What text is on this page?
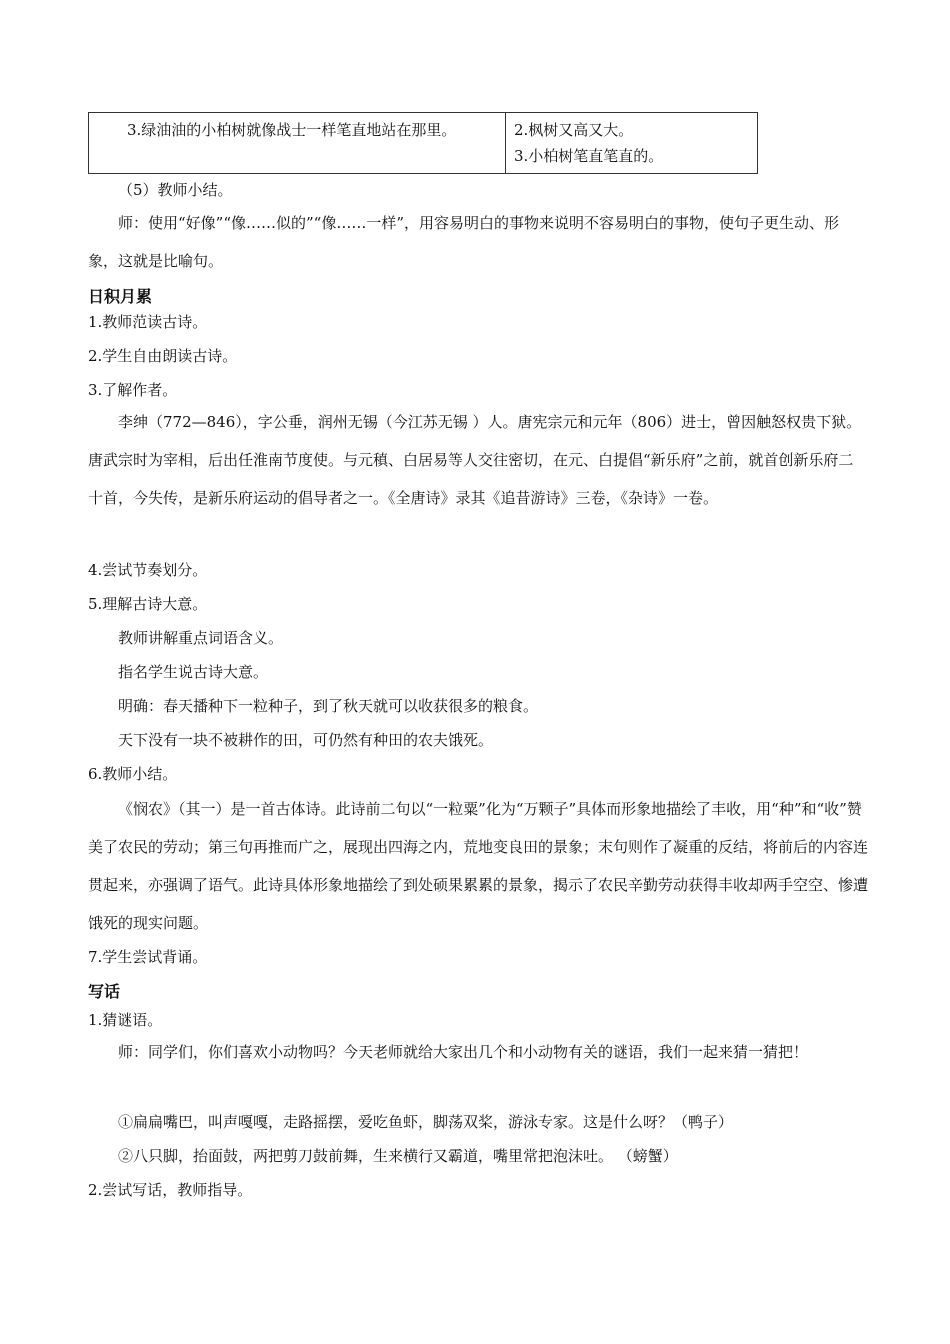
3.绿油油的小柏树就像战士一样笔直地站在那里。	2.枫树又高又大。
3.小柏树笔直笔直的。
（5）教师小结。
师：使用“好像”“像……似的”“像……一样”，用容易明白的事物来说明不容易明白的事物，使句子更生动、形象，这就是比喻句。
日积月累
1.教师范读古诗。
2.学生自由朗读古诗。
3.了解作者。
李绅（772—846），字公垂，润州无锡（今江苏无锡 ）人。唐宪宗元和元年（806）进士，曾因触怒权贵下狱。唐武宗时为宰相，后出任淮南节度使。与元稹、白居易等人交往密切，在元、白提倡“新乐府”之前，就首创新乐府二十首，今失传，是新乐府运动的倡导者之一。《全唐诗》录其《追昔游诗》三卷，《杂诗》一卷。
4.尝试节奏划分。
5.理解古诗大意。
教师讲解重点词语含义。
指名学生说古诗大意。
明确：春天播种下一粒种子，到了秋天就可以收获很多的粮食。
天下没有一块不被耕作的田，可仍然有种田的农夫饿死。
6.教师小结。
《悯农》（其一）是一首古体诗。此诗前二句以“一粒粟”化为“万颗子”具体而形象地描绘了丰收，用“种”和“收”赞美了农民的劳动；第三句再推而广之，展现出四海之内，荒地变良田的景象；末句则作了凝重的反结，将前后的内容连贯起来，亦强调了语气。此诗具体形象地描绘了到处硕果累累的景象，揭示了农民辛勤劳动获得丰收却两手空空、惨遭饿死的现实问题。
7.学生尝试背诵。
写话
1.猜谜语。
师：同学们，你们喜欢小动物吗？今天老师就给大家出几个和小动物有关的谜语，我们一起来猜一猜把！
①扁扁嘴巴，叫声嘎嘎，走路摇摆，爱吃鱼虾，脚荡双桨，游泳专家。这是什么呀？（鸭子）
②八只脚，抬面鼓，两把剪刀鼓前舞，生来横行又霸道，嘴里常把泡沫吐。 （螃蟹）
2.尝试写话，教师指导。
